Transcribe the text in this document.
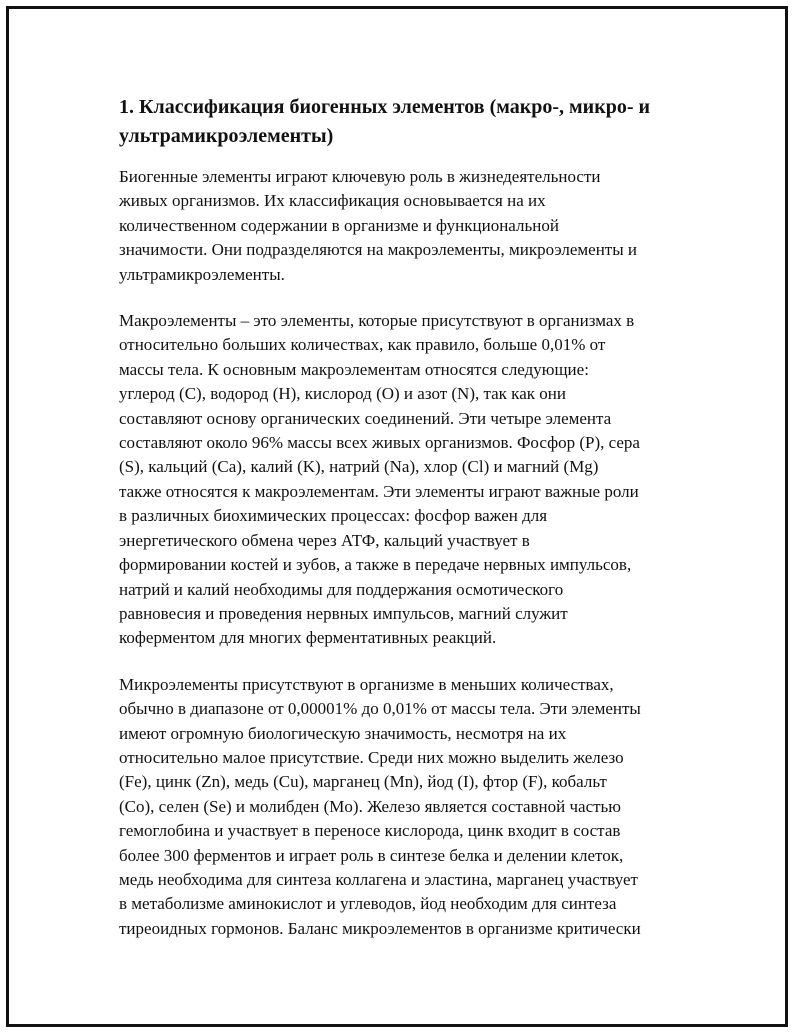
1. Классификация биогенных элементов (макро-, микро- и
ультрамикроэлементы)

Биогенные элементы играют ключевую роль в жизнедеятельности
живых организмов. Их классификация основывается на их
количественном содержании в организме и функциональной
значимости. Они подразделяются на макроэлементы, микроэлементы и
ультрамикроэлементы.

Макроэлементы – это элементы, которые присутствуют в организмах в
относительно больших количествах, как правило, больше 0,01% от
массы тела. К основным макроэлементам относятся следующие:
углерод (C), водород (H), кислород (O) и азот (N), так как они
составляют основу органических соединений. Эти четыре элемента
составляют около 96% массы всех живых организмов. Фосфор (P), сера
(S), кальций (Ca), калий (K), натрий (Na), хлор (Cl) и магний (Mg)
также относятся к макроэлементам. Эти элементы играют важные роли
в различных биохимических процессах: фосфор важен для
энергетического обмена через АТФ, кальций участвует в
формировании костей и зубов, а также в передаче нервных импульсов,
натрий и калий необходимы для поддержания осмотического
равновесия и проведения нервных импульсов, магний служит
коферментом для многих ферментативных реакций.

Микроэлементы присутствуют в организме в меньших количествах,
обычно в диапазоне от 0,00001% до 0,01% от массы тела. Эти элементы
имеют огромную биологическую значимость, несмотря на их
относительно малое присутствие. Среди них можно выделить железо
(Fe), цинк (Zn), медь (Cu), марганец (Mn), йод (I), фтор (F), кобальт
(Co), селен (Se) и молибден (Mo). Железо является составной частью
гемоглобина и участвует в переносе кислорода, цинк входит в состав
более 300 ферментов и играет роль в синтезе белка и делении клеток,
медь необходима для синтеза коллагена и эластина, марганец участвует
в метаболизме аминокислот и углеводов, йод необходим для синтеза
тиреоидных гормонов. Баланс микроэлементов в организме критически
